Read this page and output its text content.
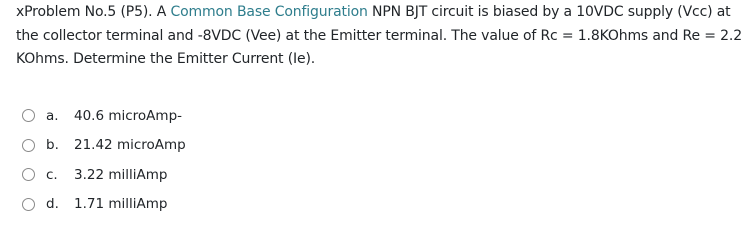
xProblem No.5 (P5). A Common Base Configuration NPN BJT circuit is biased by a 10VDC supply (Vcc) at the collector terminal and -8VDC (Vee) at the Emitter terminal. The value of Rc = 1.8KOhms and Re = 2.2 KOhms. Determine the Emitter Current (Ie).
a.	40.6 microAmp-
b.	21.42 microAmp
c.	3.22 milliAmp
d.	1.71 milliAmp
